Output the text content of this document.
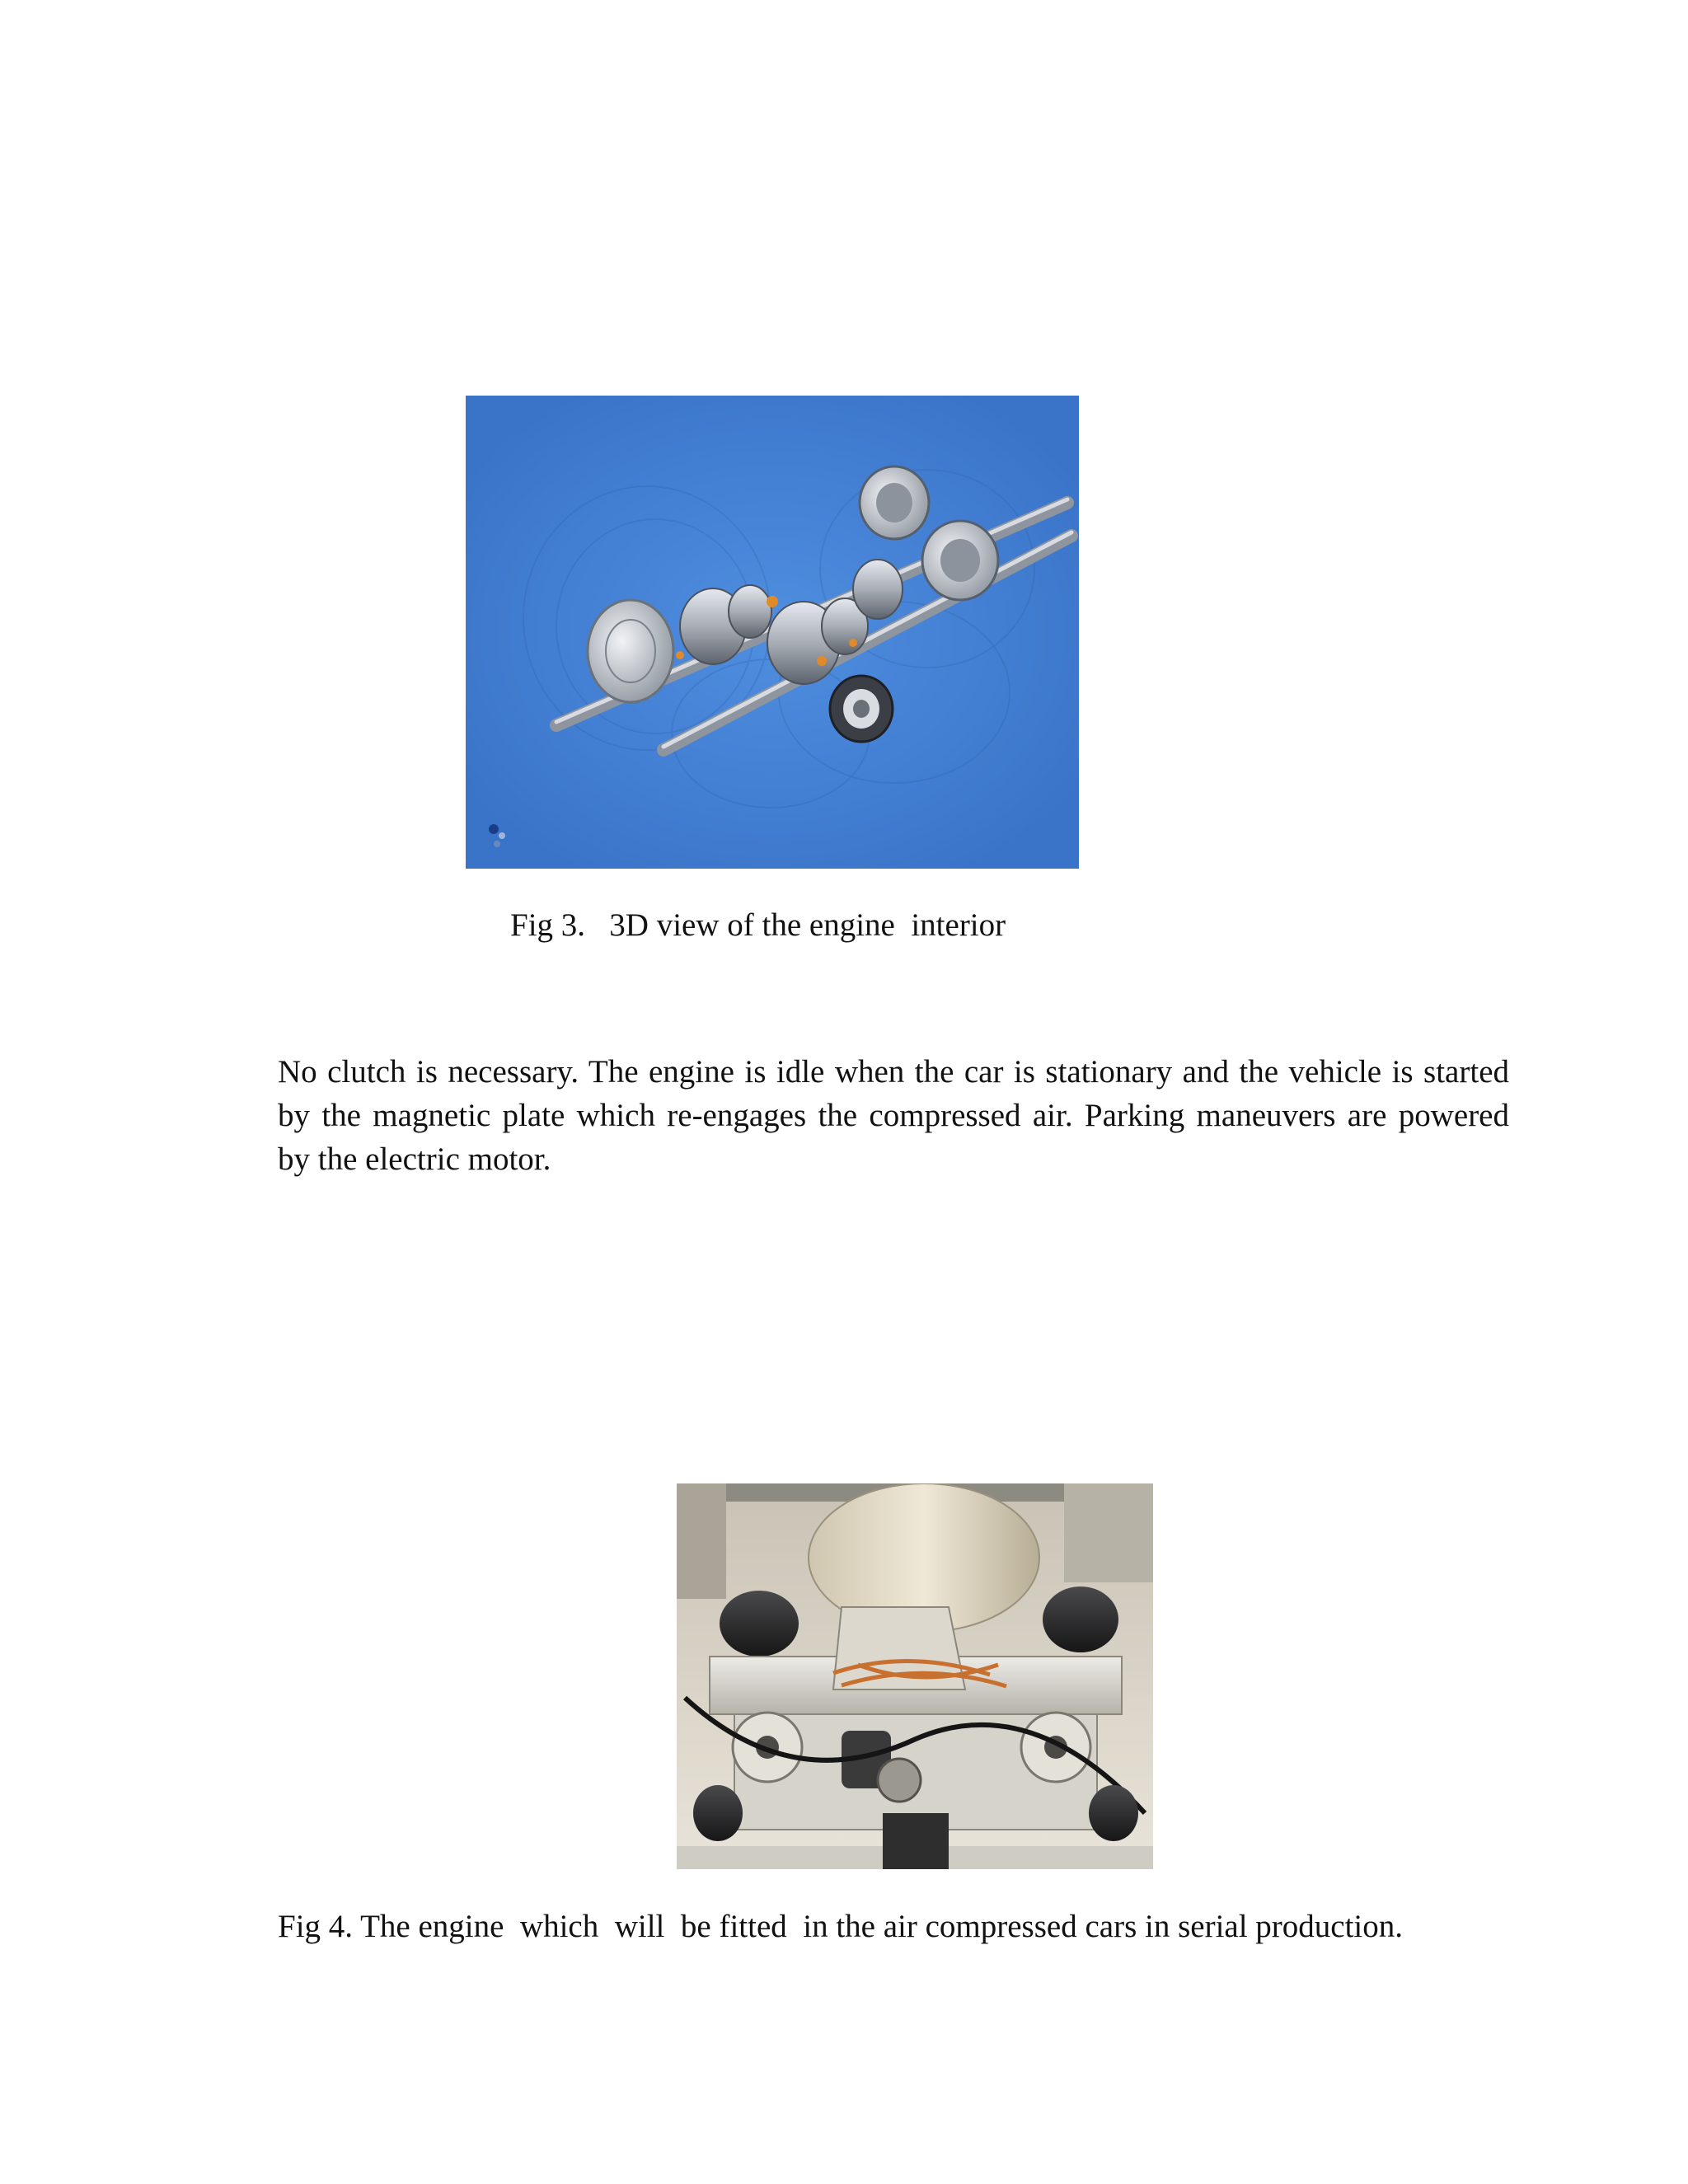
Fig 3.   3D view of the engine  interior
No clutch is necessary. The engine is idle when the car is stationary and the vehicle is started
by the magnetic plate which re-engages the compressed air. Parking maneuvers are powered
by the electric motor.
Fig 4. The engine  which  will  be fitted  in the air compressed cars in serial production.
